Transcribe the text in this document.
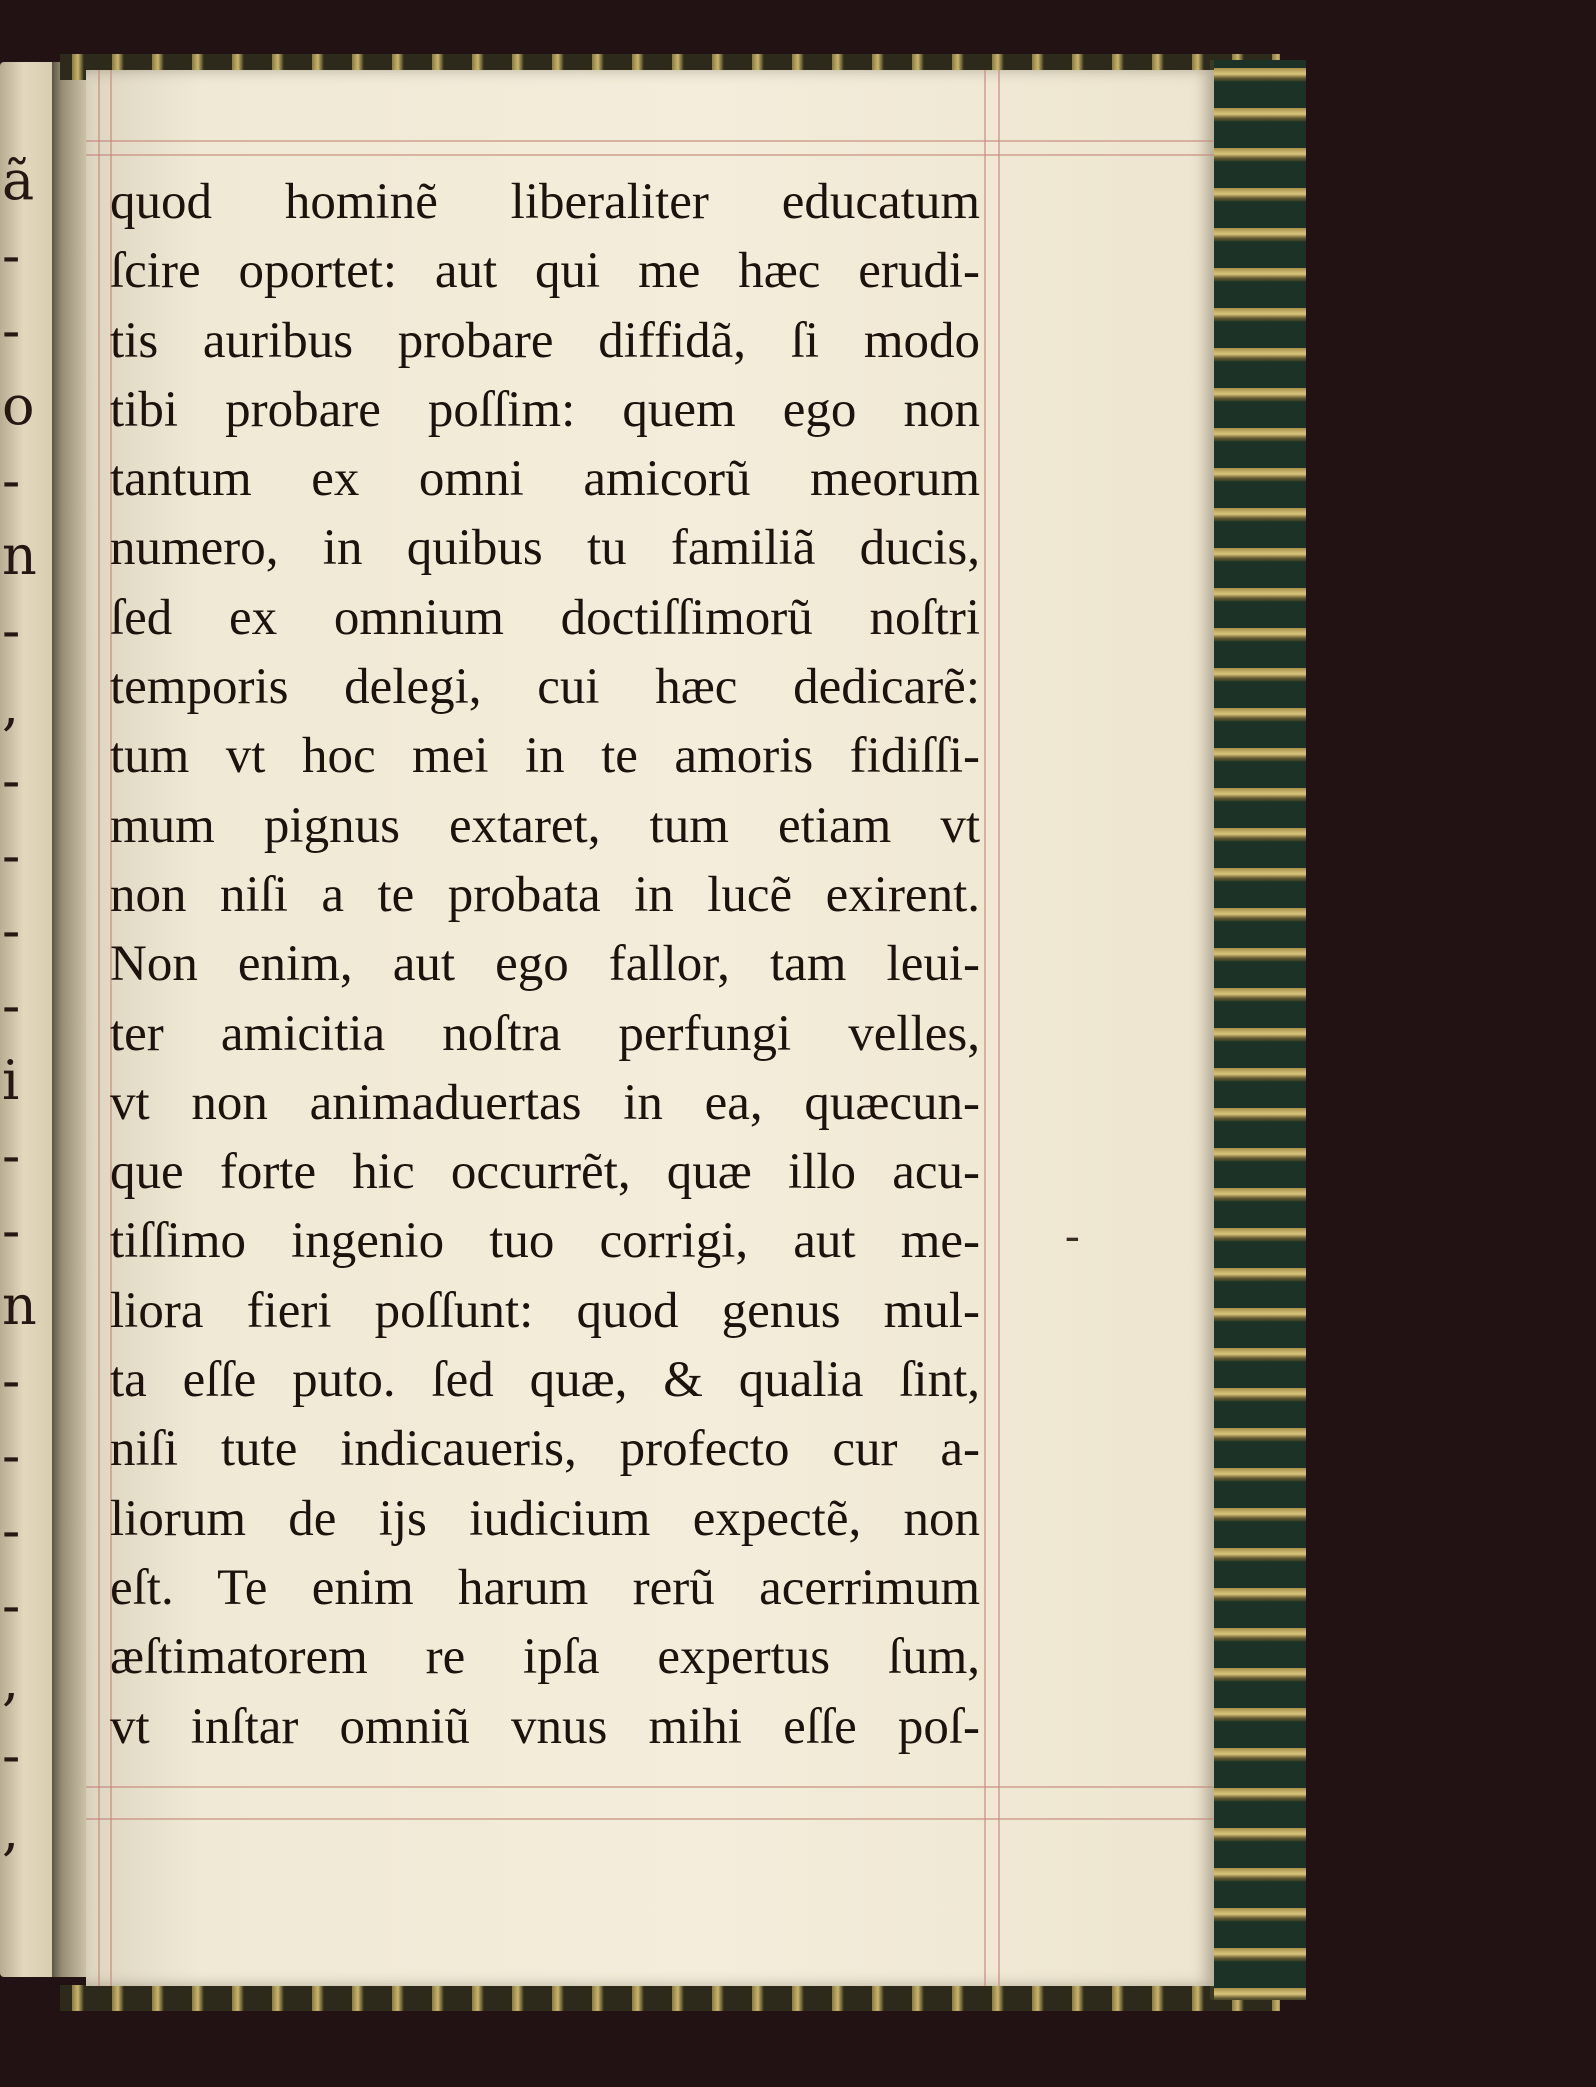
ã
-
-
o
-
n
-
,
-
-
-
-
i
-
-
n
-
-
-
-
,
-
,
quod hominẽ liberaliter educatum
ſcire oportet: aut qui me hæc erudi-
tis auribus probare diffidã, ſi modo
tibi probare poſſim: quem ego non
tantum ex omni amicorũ meorum
numero, in quibus tu familiã ducis,
ſed ex omnium doctiſſimorũ noſtri
temporis delegi, cui hæc dedicarẽ:
tum vt hoc mei in te amoris fidiſſi-
mum pignus extaret, tum etiam vt
non niſi a te probata in lucẽ exirent.
Non enim, aut ego fallor, tam leui-
ter amicitia noſtra perfungi velles,
vt non animaduertas in ea, quæcun-
que forte hic occurrẽt, quæ illo acu-
tiſſimo ingenio tuo corrigi, aut me-
liora fieri poſſunt: quod genus mul-
ta eſſe puto. ſed quæ, & qualia ſint,
niſi tute indicaueris, profecto cur a-
liorum de ijs iudicium expectẽ, non
eſt. Te enim harum rerũ acerrimum
æſtimatorem re ipſa expertus ſum,
vt inſtar omniũ vnus mihi eſſe poſ-
-
